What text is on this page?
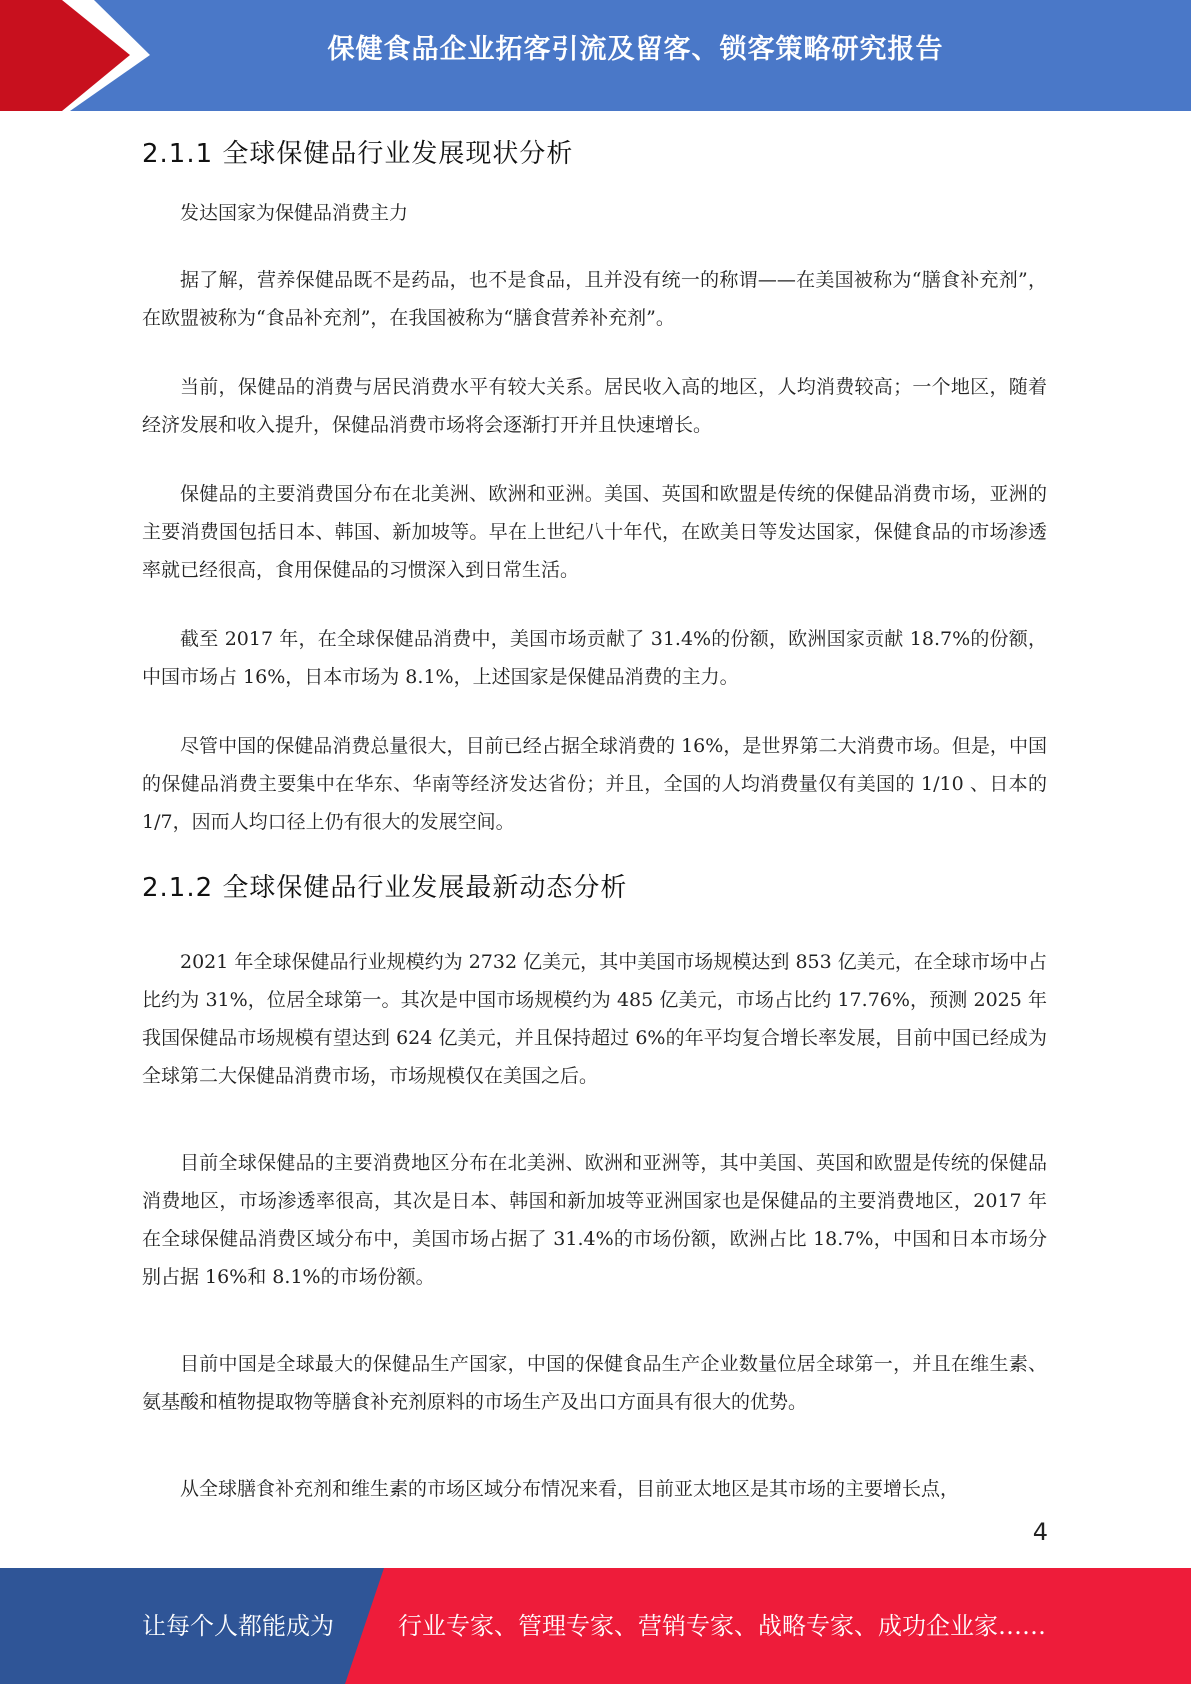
保健食品企业拓客引流及留客、锁客策略研究报告
2.1.1 全球保健品行业发展现状分析

发达国家为保健品消费主力

据了解，营养保健品既不是药品，也不是食品，且并没有统一的称谓——在美国被称为“膳食补充剂”，在欧盟被称为“食品补充剂”，在我国被称为“膳食营养补充剂”。

当前，保健品的消费与居民消费水平有较大关系。居民收入高的地区，人均消费较高；一个地区，随着经济发展和收入提升，保健品消费市场将会逐渐打开并且快速增长。

保健品的主要消费国分布在北美洲、欧洲和亚洲。美国、英国和欧盟是传统的保健品消费市场，亚洲的主要消费国包括日本、韩国、新加坡等。早在上世纪八十年代，在欧美日等发达国家，保健食品的市场渗透率就已经很高，食用保健品的习惯深入到日常生活。

截至 2017 年，在全球保健品消费中，美国市场贡献了 31.4%的份额，欧洲国家贡献 18.7%的份额，中国市场占 16%，日本市场为 8.1%，上述国家是保健品消费的主力。

尽管中国的保健品消费总量很大，目前已经占据全球消费的 16%，是世界第二大消费市场。但是，中国的保健品消费主要集中在华东、华南等经济发达省份；并且，全国的人均消费量仅有美国的 1/10 、日本的 1/7，因而人均口径上仍有很大的发展空间。

2.1.2 全球保健品行业发展最新动态分析

2021 年全球保健品行业规模约为 2732 亿美元，其中美国市场规模达到 853 亿美元，在全球市场中占比约为 31%，位居全球第一。其次是中国市场规模约为 485 亿美元，市场占比约 17.76%，预测 2025 年我国保健品市场规模有望达到 624 亿美元，并且保持超过 6%的年平均复合增长率发展，目前中国已经成为全球第二大保健品消费市场，市场规模仅在美国之后。

目前全球保健品的主要消费地区分布在北美洲、欧洲和亚洲等，其中美国、英国和欧盟是传统的保健品消费地区，市场渗透率很高，其次是日本、韩国和新加坡等亚洲国家也是保健品的主要消费地区，2017 年在全球保健品消费区域分布中，美国市场占据了 31.4%的市场份额，欧洲占比 18.7%，中国和日本市场分别占据 16%和 8.1%的市场份额。

目前中国是全球最大的保健品生产国家，中国的保健食品生产企业数量位居全球第一，并且在维生素、氨基酸和植物提取物等膳食补充剂原料的市场生产及出口方面具有很大的优势。

从全球膳食补充剂和维生素的市场区域分布情况来看，目前亚太地区是其市场的主要增长点，

4
让每个人都能成为	行业专家、管理专家、营销专家、战略专家、成功企业家……
